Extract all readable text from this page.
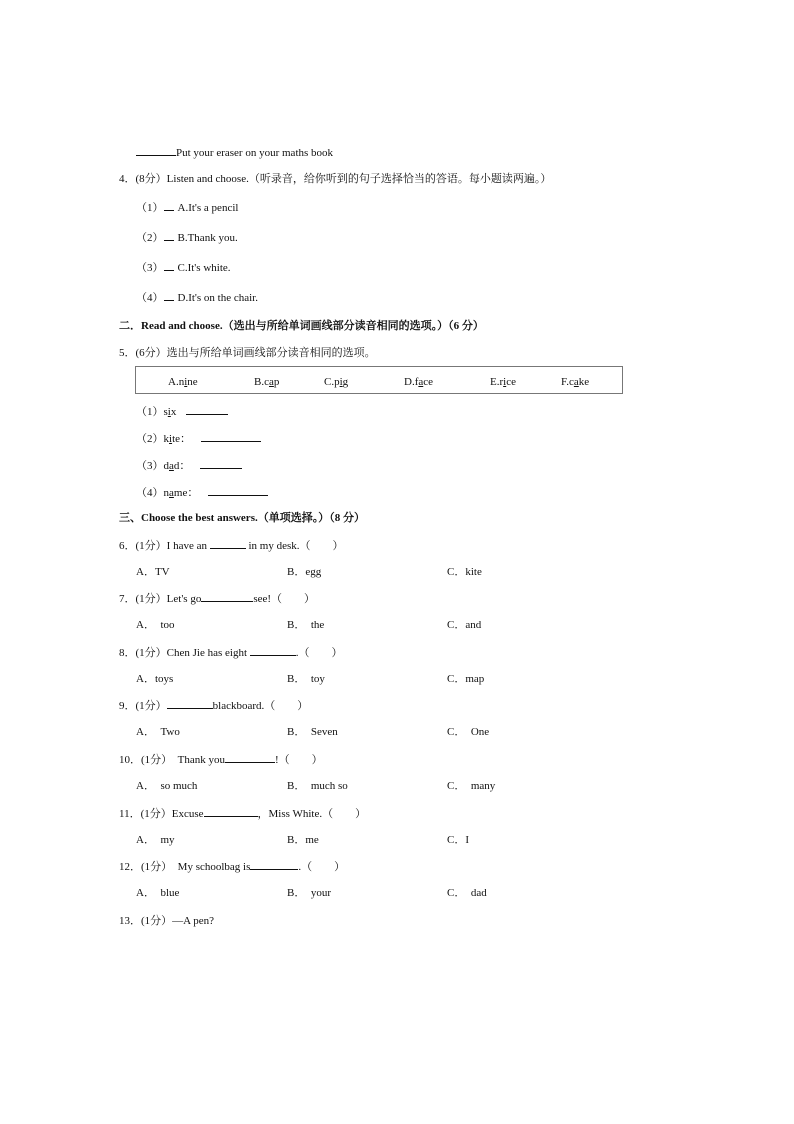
Put your eraser on your maths book
4．(8分）Listen and choose.（听录音，给你听到的句子选择恰当的答语。每小题读两遍。）
（1） A.It's a pencil
（2） B.Thank you.
（3） C.It's white.
（4） D.It's on the chair.
二．Read and choose.（选出与所给单词画线部分读音相同的选项。）（6 分）
5．(6分）选出与所给单词画线部分读音相同的选项。
A.nine	B.cap	C.pig	D.face	E.rice	F.cake
（1）six
（2）kite：
（3）dad：
（4）name：
三、Choose the best answers.（单项选择。）（8 分）
6．(1分）I have an	in my desk.（　　）
A．TV	B．egg	C．kite
7．(1分）Let's go	see!（　　）
A．　too	B．　the	C．and
8．(1分）Chen Jie has eight	.（　　）
A．toys	B．　toy	C．map
9．(1分）	blackboard.（　　）
A．　Two	B．　Seven	C．　One
10．(1分）　Thank you	!（　　）
A．　so much	B．　much so	C．　many
11．(1分）Excuse	，Miss White.（　　）
A．　my	B．me	C．I
12．(1分）　My schoolbag is	.（　　）
A．　blue	B．　your	C．　dad
13．(1分）—A pen?
